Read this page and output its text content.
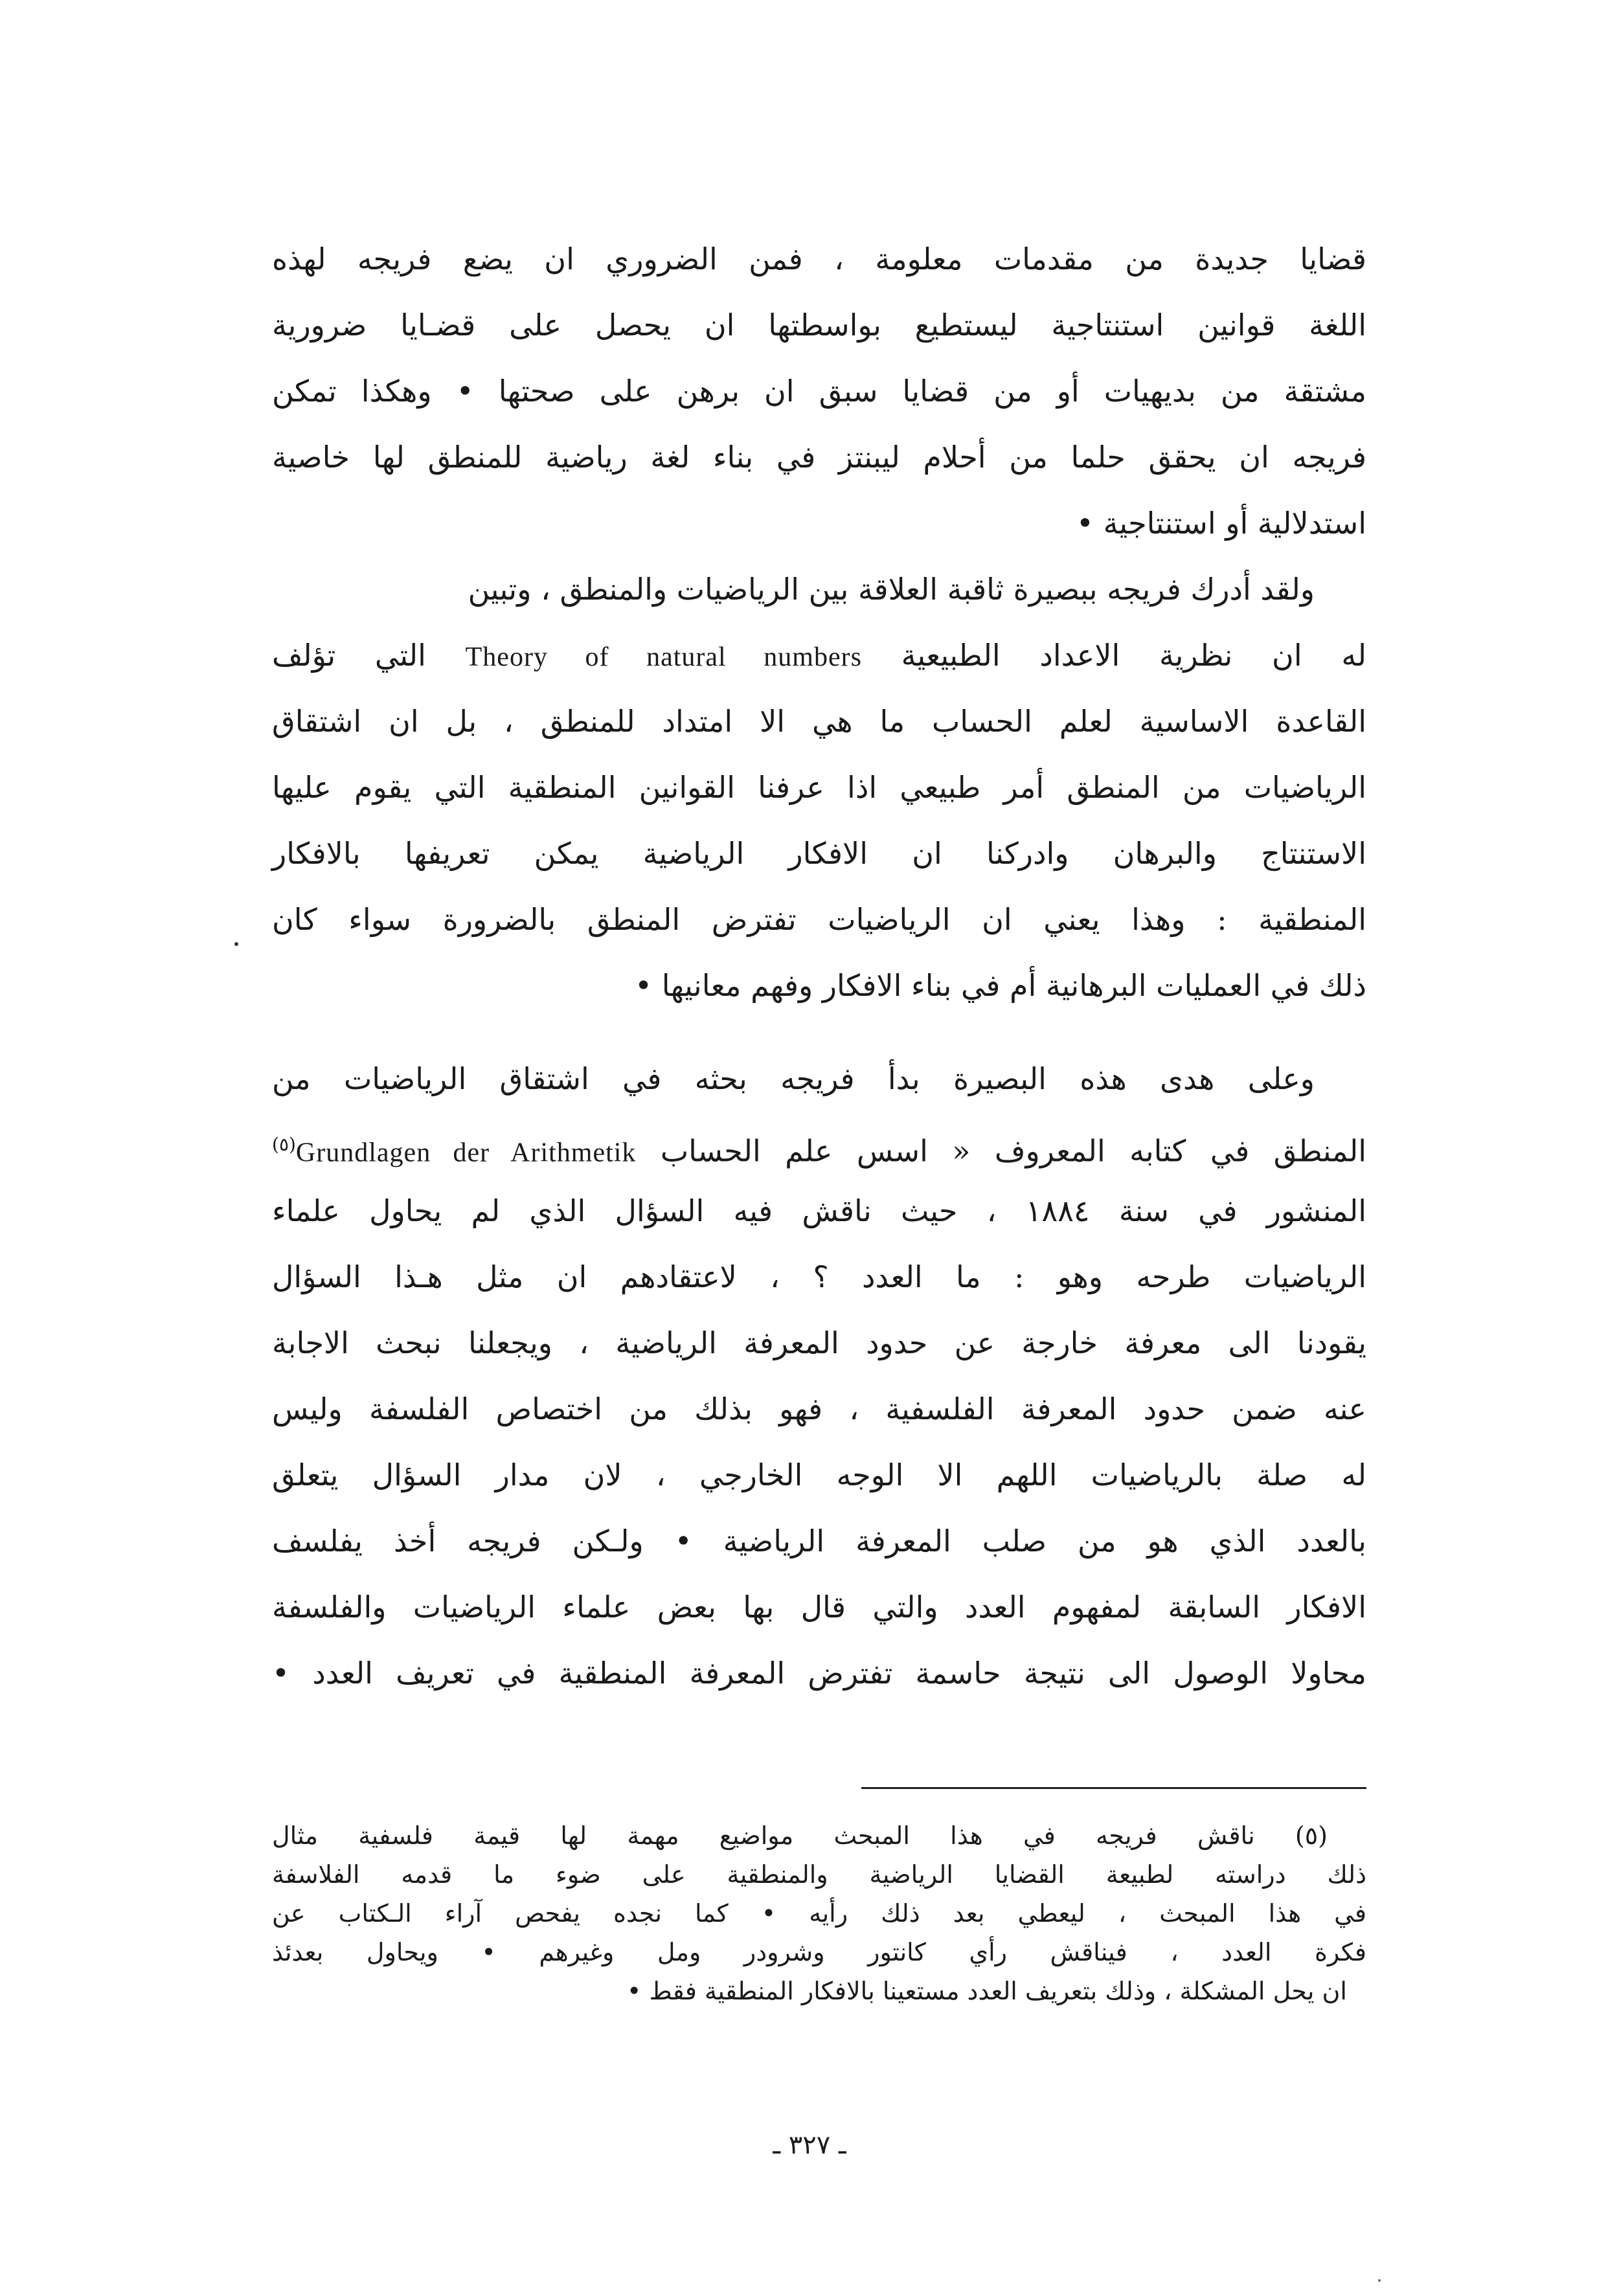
قضايا جديدة من مقدمات معلومة ، فمن الضروري ان يضع فريجه لهذه
اللغة قوانين استنتاجية ليستطيع بواسطتها ان يحصل على قضـايا ضرورية
مشتقة من بديهيات أو من قضايا سبق ان برهن على صحتها • وهكذا تمكن
فريجه ان يحقق حلما من أحلام ليبنتز في بناء لغة رياضية للمنطق لها خاصية
استدلالية أو استنتاجية •
ولقد أدرك فريجه ببصيرة ثاقبة العلاقة بين الرياضيات والمنطق ، وتبين
له ان نظرية الاعداد الطبيعية Theory of natural numbers التي تؤلف
القاعدة الاساسية لعلم الحساب ما هي الا امتداد للمنطق ، بل ان اشتقاق
الرياضيات من المنطق أمر طبيعي اذا عرفنا القوانين المنطقية التي يقوم عليها
الاستنتاج والبرهان وادركنا ان الافكار الرياضية يمكن تعريفها بالافكار
المنطقية : وهذا يعني ان الرياضيات تفترض المنطق بالضرورة سواء كان
ذلك في العمليات البرهانية أم في بناء الافكار وفهم معانيها •
وعلى هدى هذه البصيرة بدأ فريجه بحثه في اشتقاق الرياضيات من
المنطق في كتابه المعروف « اسس علم الحساب Grundlagen der Arithmetik$^{(٥)}$
المنشور في سنة ١٨٨٤ ، حيث ناقش فيه السؤال الذي لم يحاول علماء
الرياضيات طرحه وهو : ما العدد ؟ ، لاعتقادهم ان مثل هـذا السؤال
يقودنا الى معرفة خارجة عن حدود المعرفة الرياضية ، ويجعلنا نبحث الاجابة
عنه ضمن حدود المعرفة الفلسفية ، فهو بذلك من اختصاص الفلسفة وليس
له صلة بالرياضيات اللهم الا الوجه الخارجي ، لان مدار السؤال يتعلق
بالعدد الذي هو من صلب المعرفة الرياضية • ولـكن فريجه أخذ يفلسف
الافكار السابقة لمفهوم العدد والتي قال بها بعض علماء الرياضيات والفلسفة
محاولا الوصول الى نتيجة حاسمة تفترض المعرفة المنطقية في تعريف العدد •
(٥) ناقش فريجه في هذا المبحث مواضيع مهمة لها قيمة فلسفية مثال
ذلك دراسته لطبيعة القضايا الرياضية والمنطقية على ضوء ما قدمه الفلاسفة
في هذا المبحث ، ليعطي بعد ذلك رأيه • كما نجده يفحص آراء الـكتاب عن
فكرة العدد ، فيناقش رأي كانتور وشرودر ومل وغيرهم • ويحاول بعدئذ
ان يحل المشكلة ، وذلك بتعريف العدد مستعينا بالافكار المنطقية فقط •
ـ ٣٢٧ ـ
